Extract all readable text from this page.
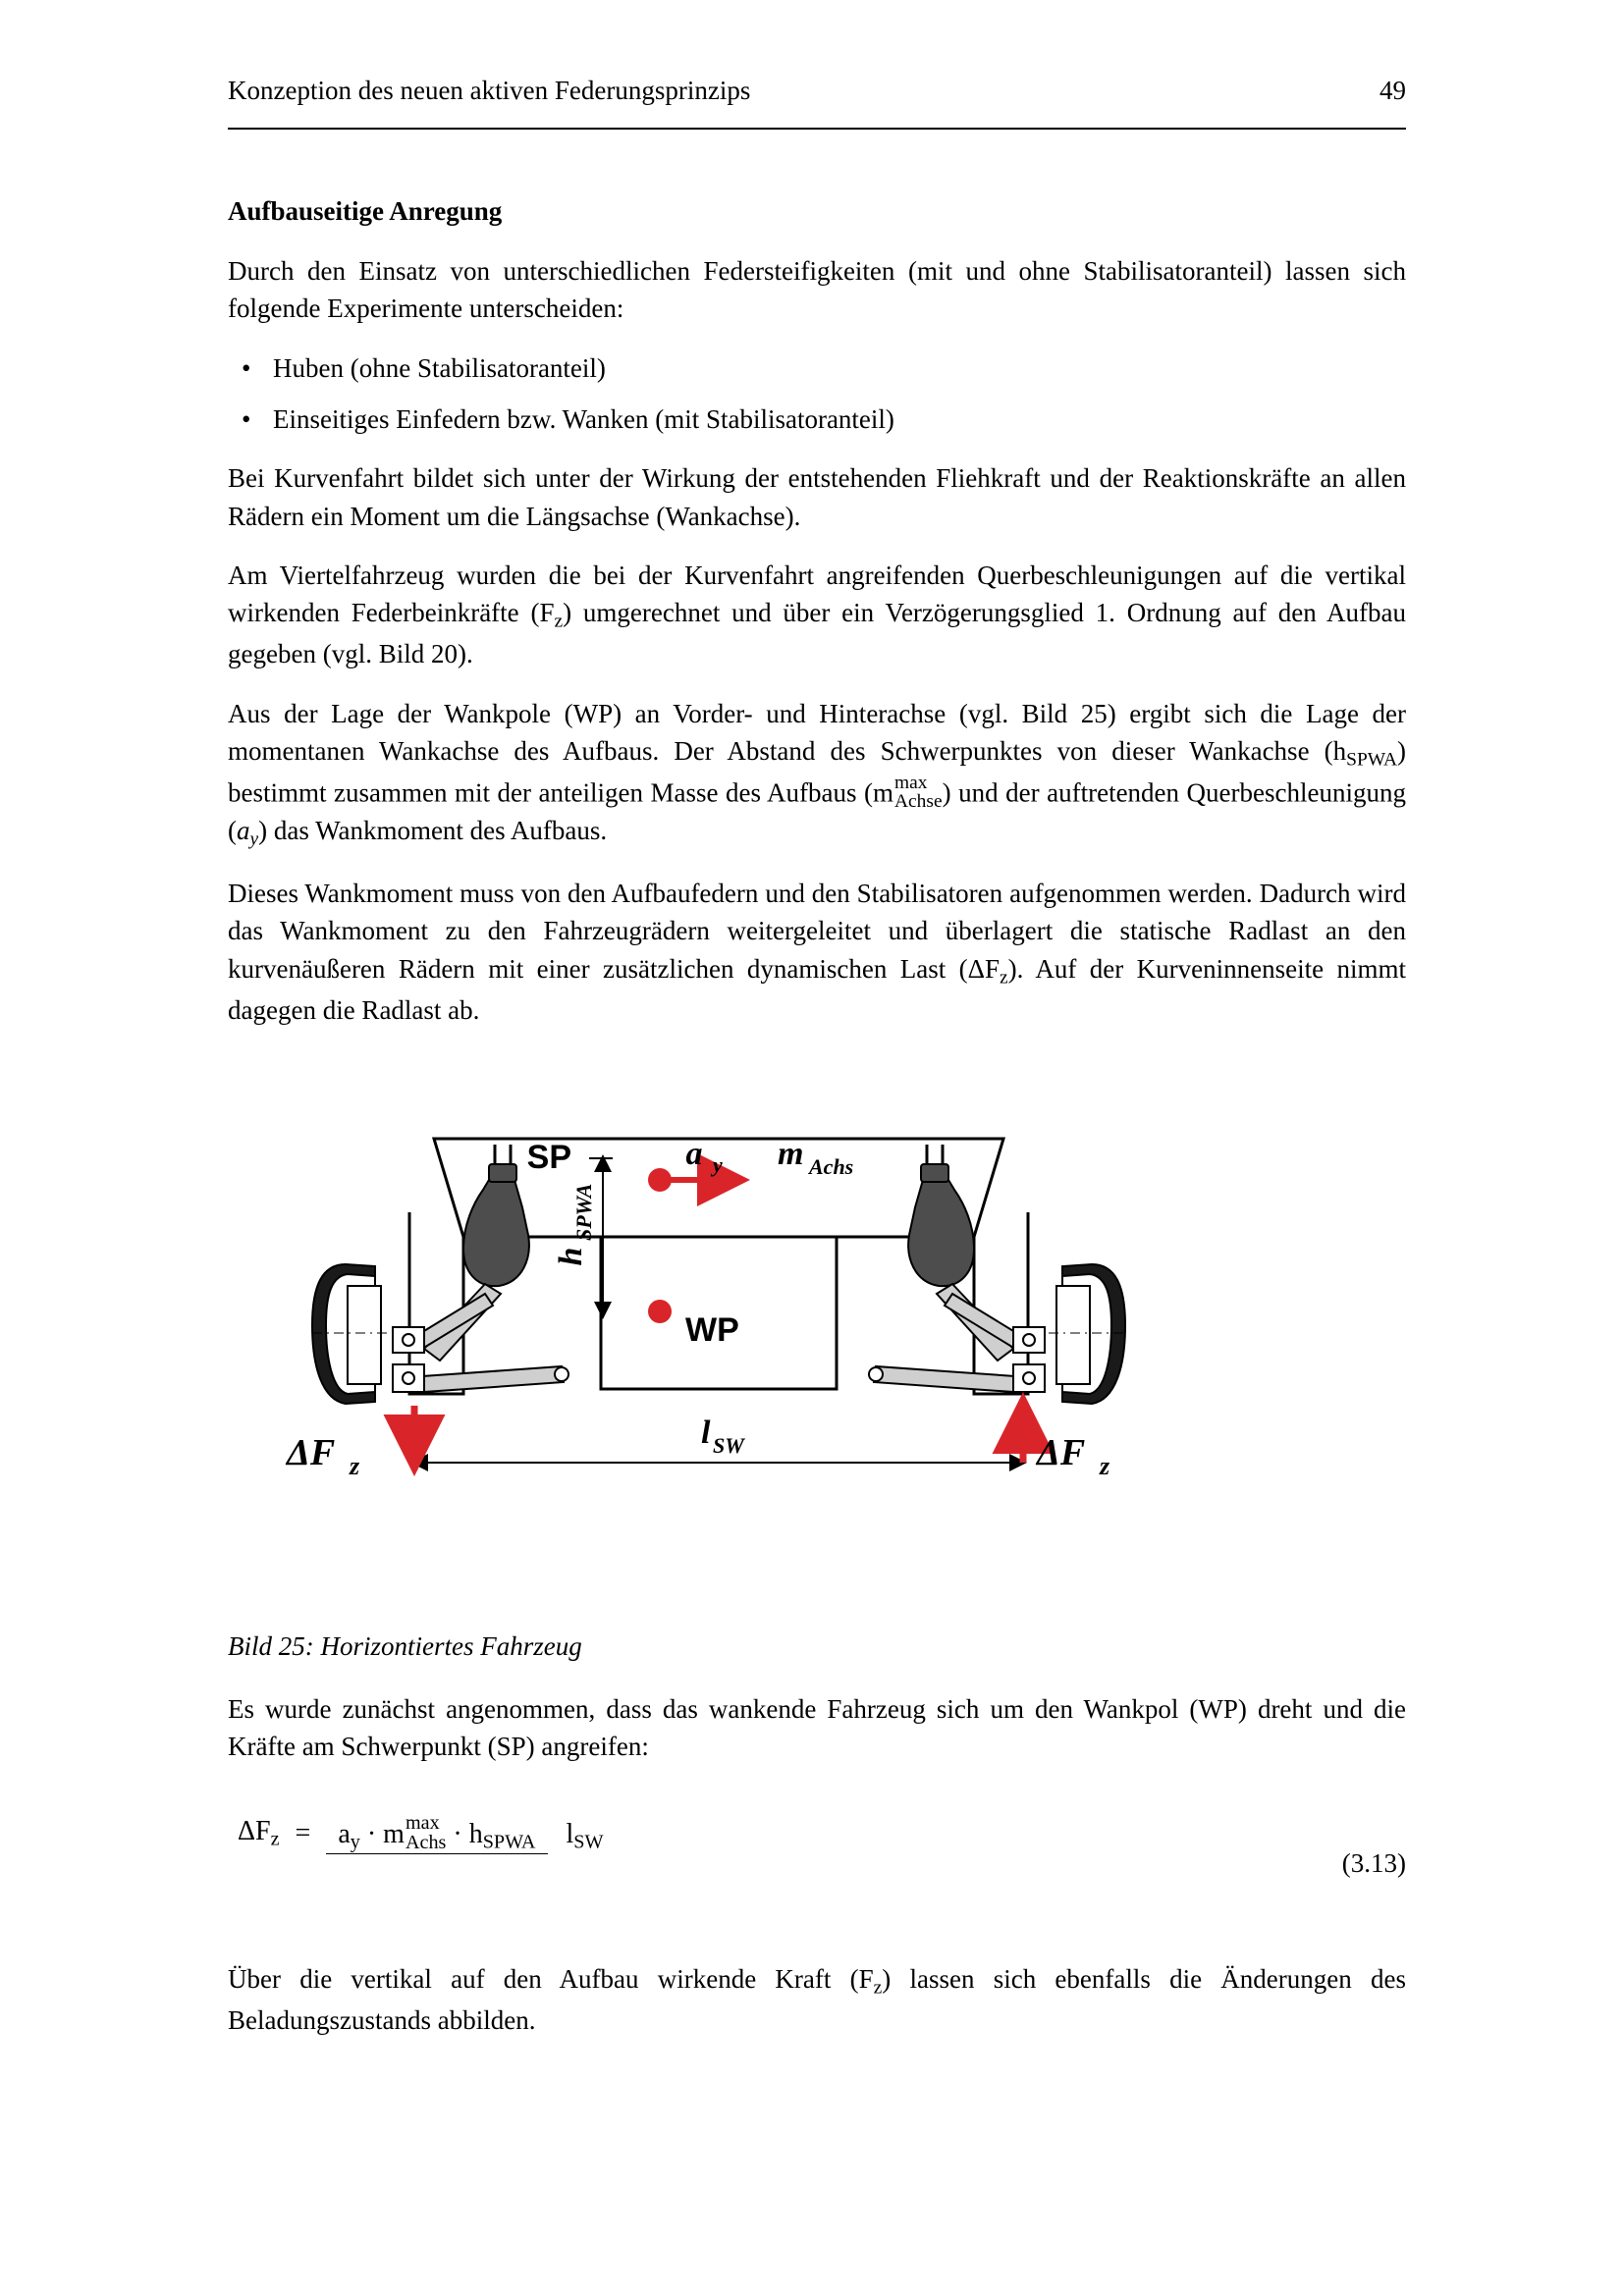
Konzeption des neuen aktiven Federungsprinzips	49
Aufbauseitige Anregung

Durch den Einsatz von unterschiedlichen Federsteifigkeiten (mit und ohne Stabilisatoranteil) lassen sich folgende Experimente unterscheiden:

• Huben (ohne Stabilisatoranteil)
• Einseitiges Einfedern bzw. Wanken (mit Stabilisatoranteil)

Bei Kurvenfahrt bildet sich unter der Wirkung der entstehenden Fliehkraft und der Reaktionskräfte an allen Rädern ein Moment um die Längsachse (Wankachse).

Am Viertelfahrzeug wurden die bei der Kurvenfahrt angreifenden Querbeschleunigungen auf die vertikal wirkenden Federbeinkräfte $(F_z)$ umgerechnet und über ein Verzögerungsglied 1. Ordnung auf den Aufbau gegeben (vgl. Bild 20).

Aus der Lage der Wankpole (WP) an Vorder- und Hinterachse (vgl. Bild 25) ergibt sich die Lage der momentanen Wankachse des Aufbaus. Der Abstand des Schwerpunktes von dieser Wankachse $(h_{SPWA})$ bestimmt zusammen mit der anteiligen Masse des Aufbaus (m max
Achse ) und der auftretenden Querbeschleunigung $(a_y)$ das Wankmoment des Aufbaus.

Dieses Wankmoment muss von den Aufbaufedern und den Stabilisatoren aufgenommen werden. Dadurch wird das Wankmoment zu den Fahrzeugrädern weitergeleitet und überlagert die statische Radlast an den kurvenäußeren Rädern mit einer zusätzlichen dynamischen Last $(\Delta F_z)$. Auf der Kurveninnenseite nimmt dagegen die Radlast ab.

SP	a y m Achs
h
SPWA
WP
l SW
ΔF z	ΔF z
Bild 25: Horizontiertes Fahrzeug

Es wurde zunächst angenommen, dass das wankende Fahrzeug sich um den Wankpol (WP) dreht und die Kräfte am Schwerpunkt (SP) angreifen:

$\Delta F_z$ =	$a_y \cdot m$ max
Achs · $h_{SPWA}$ $l_{SW}$
(3.13)

Über die vertikal auf den Aufbau wirkende Kraft $(F_z)$ lassen sich ebenfalls die Änderungen des Beladungszustands abbilden.
